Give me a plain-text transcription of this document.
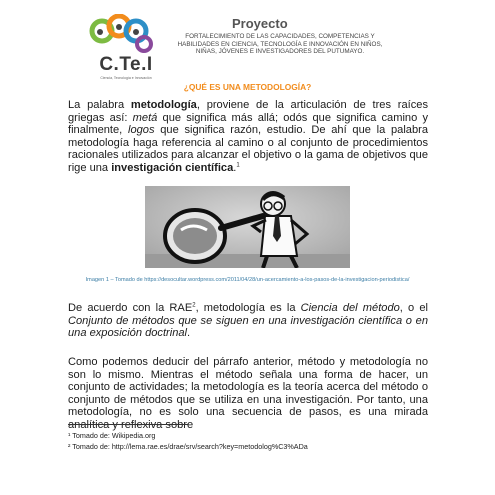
C.Te.I
Ciencia, Tecnología e Innovación
Proyecto
FORTALECIMIENTO DE LAS CAPACIDADES, COMPETENCIAS Y HABILIDADES EN CIENCIA, TECNOLOGÍA E INNOVACIÓN EN NIÑOS, NIÑAS, JÓVENES E INVESTIGADORES DEL PUTUMAYO.
¿QUÉ ES UNA METODOLOGÍA?
La palabra metodología, proviene de la articulación de tres raíces griegas así: metá que significa más allá; odós que significa camino y finalmente, logos que significa razón, estudio. De ahí que la palabra metodología haga referencia al camino o al conjunto de procedimientos racionales utilizados para alcanzar el objetivo o la gama de objetivos que rige una investigación científica.$^1$
Imagen 1 – Tomado de https://desocultar.wordpress.com/2011/04/28/un-acercamiento-a-los-pasos-de-la-investigacion-periodistica/
De acuerdo con la RAE$^2$, metodología es la Ciencia del método, o el Conjunto de métodos que se siguen en una investigación científica o en una exposición doctrinal.
Como podemos deducir del párrafo anterior, método y metodología no son lo mismo. Mientras el método señala una forma de hacer, un conjunto de actividades; la metodología es la teoría acerca del método o conjunto de métodos que se utiliza en una investigación. Por tanto, una metodología, no es solo una secuencia de pasos, es una mirada analítica y reflexiva sobre
¹ Tomado de: Wikipedia.org
² Tomado de: http://lema.rae.es/drae/srv/search?key=metodolog%C3%ADa
